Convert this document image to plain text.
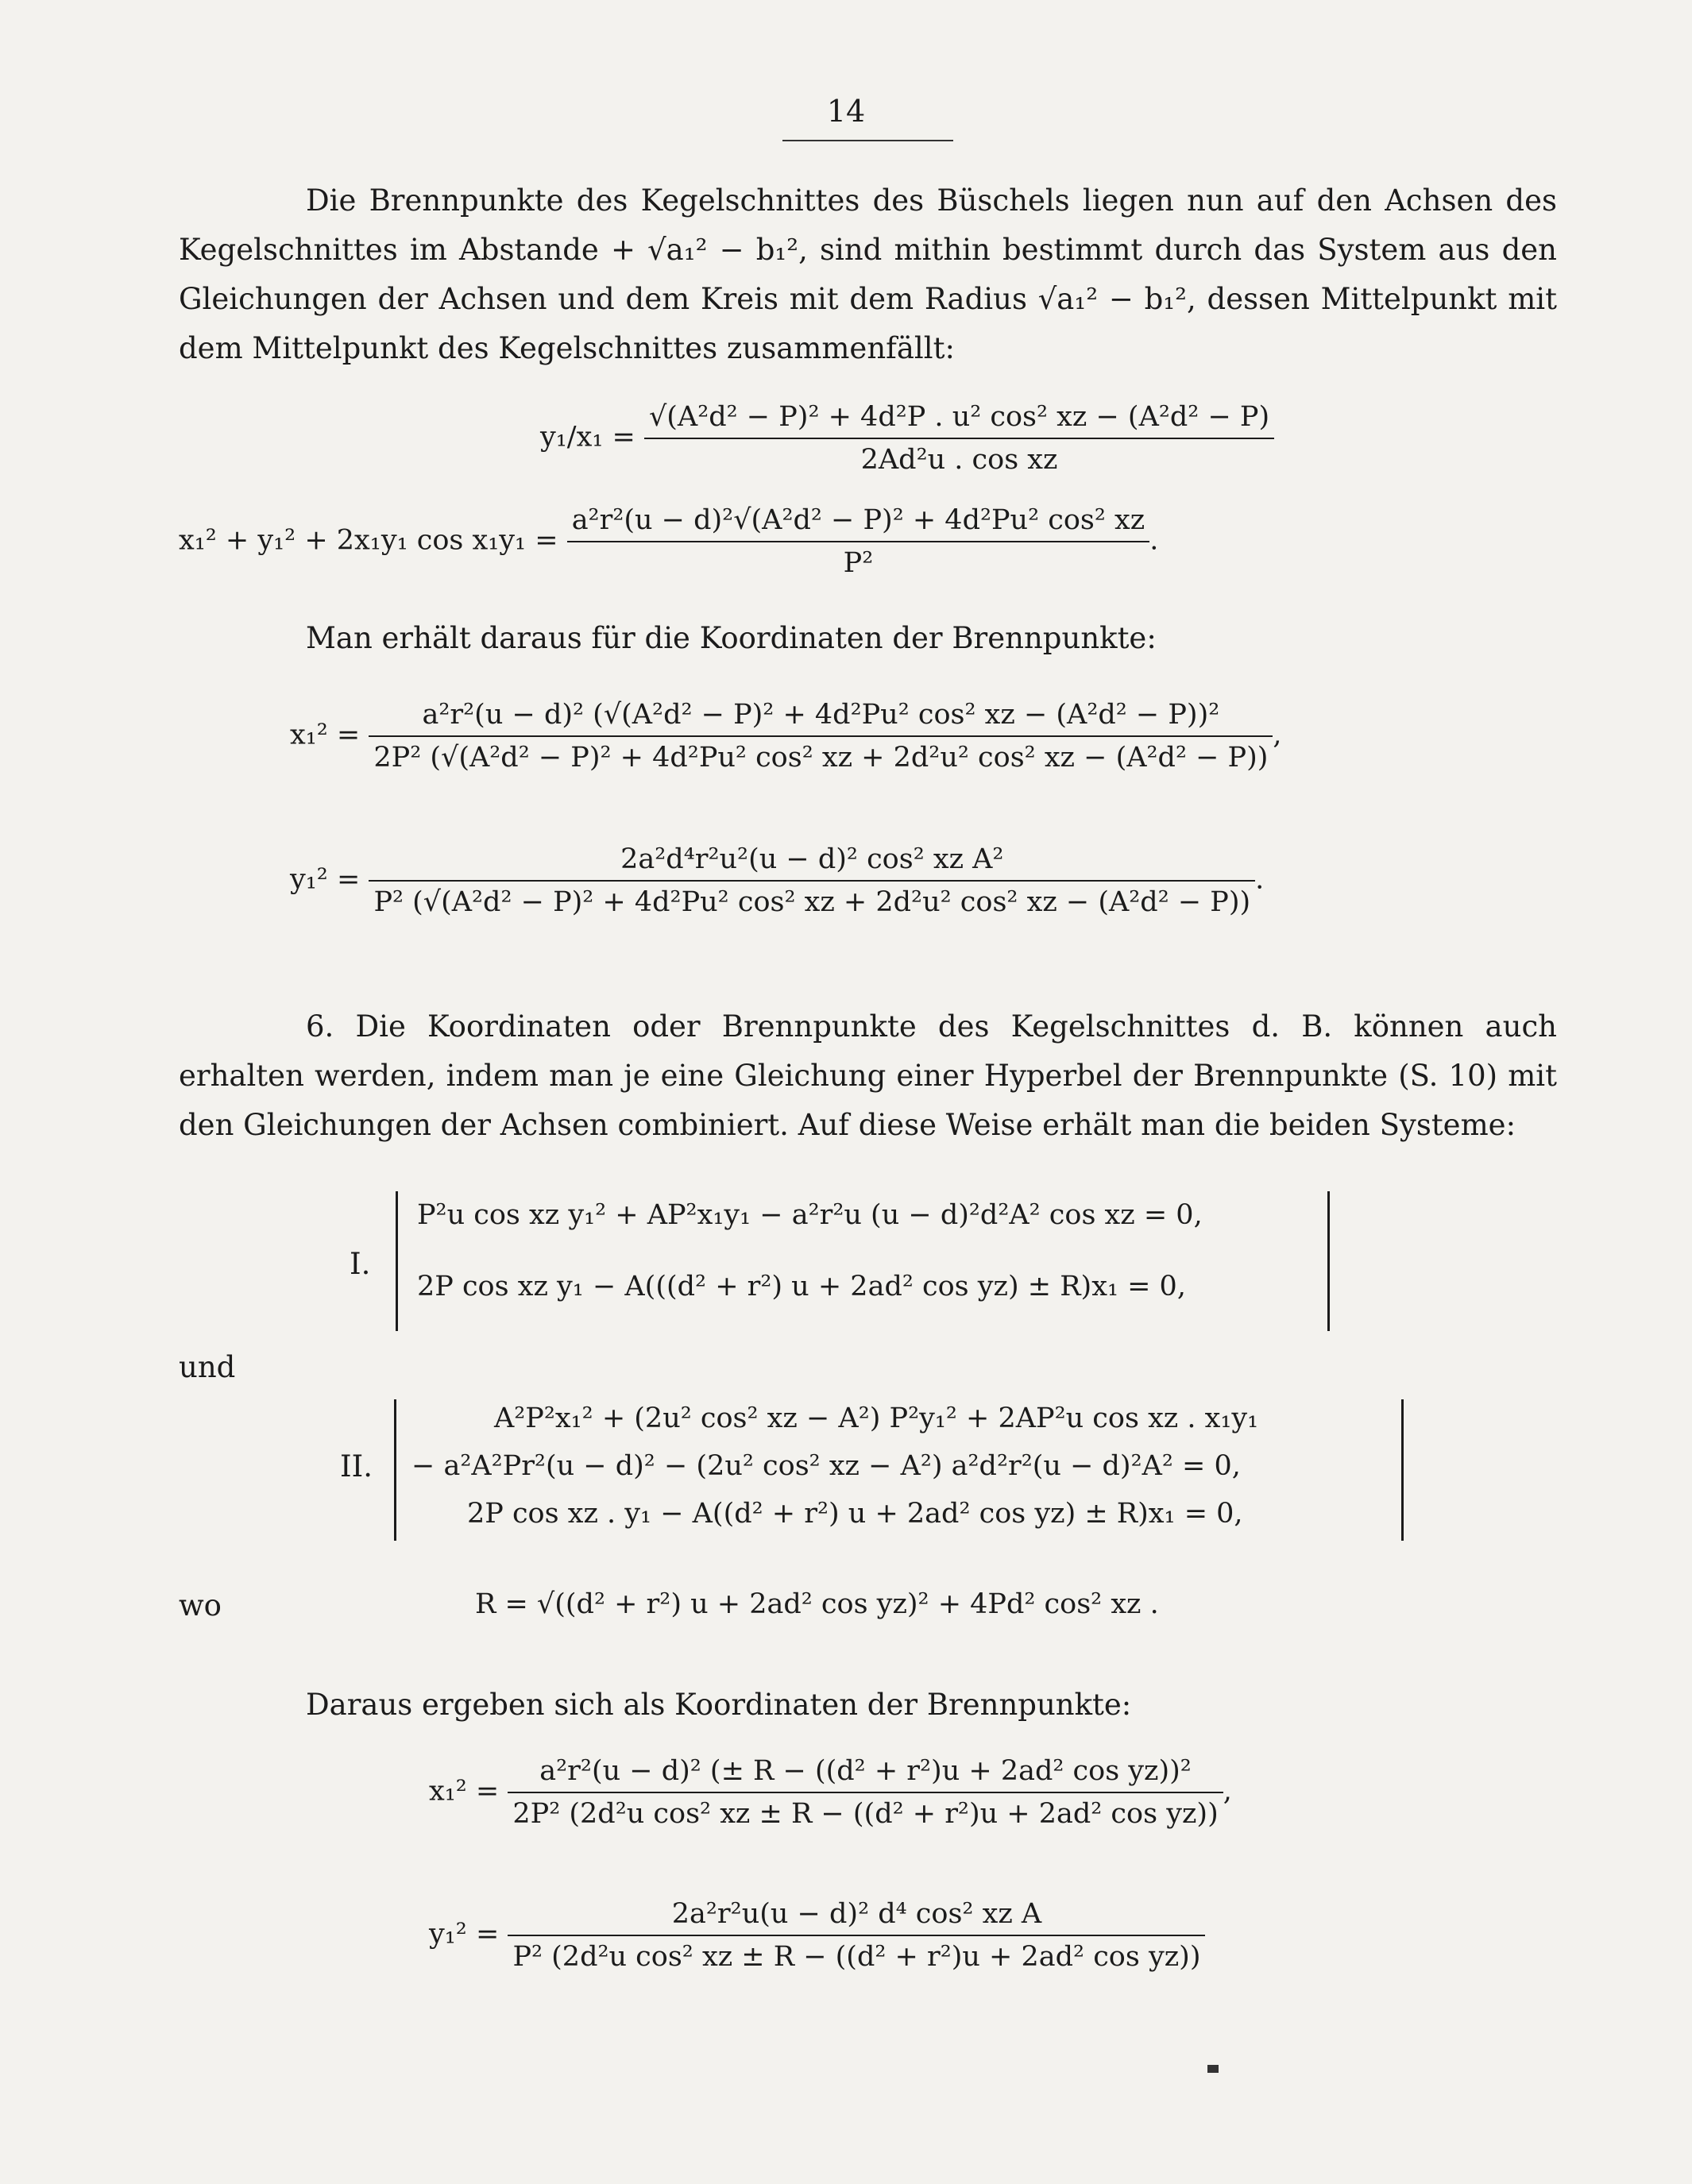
14

Die Brennpunkte des Kegelschnittes des Büschels liegen nun auf den Achsen des Kegelschnittes im Abstande + √a₁² − b₁², sind mithin bestimmt durch das System aus den Gleichungen der Achsen und dem Kreis mit dem Radius √a₁² − b₁², dessen Mittelpunkt mit dem Mittelpunkt des Kegelschnittes zusammenfällt:

$y_1/x_1 = \frac{\text{√(A²d² − P)² + 4d²P . u² cos² xz − (A²d² − P)}}{\text{2Ad²u . cos xz}}$
x₁² + y₁² + 2x₁y₁ $\cos x_1y_1 = \frac{\text{a²r²(u − d)²√(A²d² − P)² + 4d²Pu² cos² xz}}{\text{P²}}$ .
Man erhält daraus für die Koordinaten der Brennpunkte:
x₁² =
a²r²(u − d)² (√(A²d² − P)² + 4d²Pu² cos² xz − (A²d² − P))²
2P² (√(A²d² − P)² + 4d²Pu² cos² xz + 2d²u² cos² xz − (A²d² − P))
,
y₁² =
2a²d⁴r²u²(u − d)² cos² xz A²
P² (√(A²d² − P)² + 4d²Pu² cos² xz + 2d²u² cos² xz − (A²d² − P))
.

6. Die Koordinaten oder Brennpunkte des Kegelschnittes d. B. können auch erhalten werden, indem man je eine Gleichung einer Hyperbel der Brennpunkte (S. 10) mit den Gleichungen der Achsen combiniert. Auf diese Weise erhält man die beiden Systeme:

I.
P²u cos xz y₁² + AP²x₁y₁ − a²r²u (u − d)²d²A² cos xz = 0,
2P cos xz y₁ − A(((d² + r²) u + 2ad² cos yz) ± R)x₁ = 0,
und
II.
A²P²x₁² + (2u² cos² xz − A²) P²y₁² + 2AP²u cos xz . x₁y₁
− a²A²Pr²(u − d)² − (2u² cos² xz − A²) a²d²r²(u − d)²A² = 0,
2P cos xz . y₁ − A((d² + r²) u + 2ad² cos yz) ± R)x₁ = 0,
wo	R = √((d² + r²) u + 2ad² cos yz)² + 4Pd² cos² xz .
Daraus ergeben sich als Koordinaten der Brennpunkte:
$x_1^2 = \frac{\text{a²r²(u − d)² (± R − ((d² + r²)u + 2ad² cos yz))²}}{\text{2P² (2d²u cos² xz ± R − ((d² + r²)u + 2ad² cos yz))}}$ ,
$y_1^2 = \frac{\text{2a²r²u(u − d)² d⁴ cos² xz A}}{\text{P² (2d²u cos² xz ± R − ((d² + r²)u + 2ad² cos yz))}}$
